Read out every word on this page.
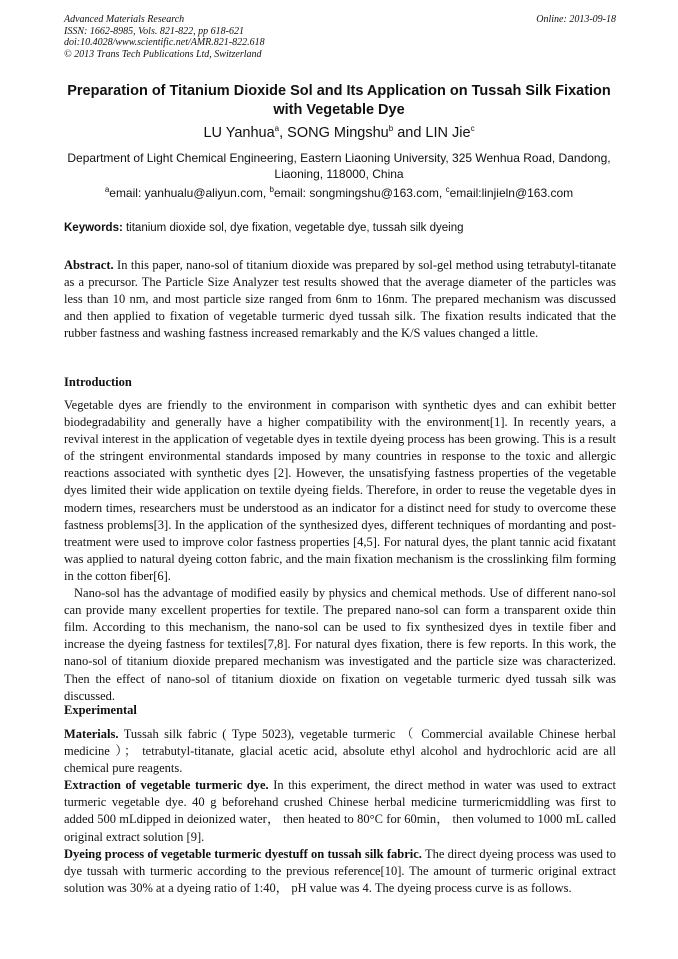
Advanced Materials Research
ISSN: 1662-8985, Vols. 821-822, pp 618-621
doi:10.4028/www.scientific.net/AMR.821-822.618
© 2013 Trans Tech Publications Ltd, Switzerland
Online: 2013-09-18
Preparation of Titanium Dioxide Sol and Its Application on Tussah Silk Fixation with Vegetable Dye
LU Yanhua$^a$, SONG Mingshu$^b$ and LIN Jie$^c$
Department of Light Chemical Engineering, Eastern Liaoning University, 325 Wenhua Road, Dandong, Liaoning, 118000, China
$^a$email: yanhualu@aliyun.com, $^b$email: songmingshu@163.com, $^c$email:linjieln@163.com
Keywords: titanium dioxide sol, dye fixation, vegetable dye, tussah silk dyeing
Abstract. In this paper, nano-sol of titanium dioxide was prepared by sol-gel method using tetrabutyl-titanate as a precursor. The Particle Size Analyzer test results showed that the average diameter of the particles was less than 10 nm, and most particle size ranged from 6nm to 16nm. The prepared mechanism was discussed and then applied to fixation of vegetable turmeric dyed tussah silk. The fixation results indicated that the rubber fastness and washing fastness increased remarkably and the K/S values changed a little.
Introduction

Vegetable dyes are friendly to the environment in comparison with synthetic dyes and can exhibit better biodegradability and generally have a higher compatibility with the environment[1]. In recently years, a revival interest in the application of vegetable dyes in textile dyeing process has been growing. This is a result of the stringent environmental standards imposed by many countries in response to the toxic and allergic reactions associated with synthetic dyes [2]. However, the unsatisfying fastness properties of the vegetable dyes limited their wide application on textile dyeing fields. Therefore, in order to reuse the vegetable dyes in modern times, researchers must be understood as an indicator for a distinct need for study to overcome these fastness problems[3]. In the application of the synthesized dyes, different techniques of mordanting and post-treatment were used to improve color fastness properties [4,5]. For natural dyes, the plant tannic acid fixatant was applied to natural dyeing cotton fabric, and the main fixation mechanism is the crosslinking film forming in the cotton fiber[6].

Nano-sol has the advantage of modified easily by physics and chemical methods. Use of different nano-sol can provide many excellent properties for textile. The prepared nano-sol can form a transparent oxide thin film. According to this mechanism, the nano-sol can be used to fix synthesized dyes in textile fiber and increase the dyeing fastness for textiles[7,8]. For natural dyes fixation, there is few reports. In this work, the nano-sol of titanium dioxide prepared mechanism was investigated and the particle size was characterized. Then the effect of nano-sol of titanium dioxide on fixation on vegetable turmeric dyed tussah silk was discussed.

Experimental

Materials. Tussah silk fabric ( Type 5023), vegetable turmeric （ Commercial available Chinese herbal medicine ）； tetrabutyl-titanate, glacial acetic acid, absolute ethyl alcohol and hydrochloric acid are all chemical pure reagents.

Extraction of vegetable turmeric dye. In this experiment, the direct method in water was used to extract turmeric vegetable dye. 40 g beforehand crushed Chinese herbal medicine turmericmiddling was first to added 500 mLdipped in deionized water， then heated to 80°C for 60min， then volumed to 1000 mL called original extract solution [9].

Dyeing process of vegetable turmeric dyestuff on tussah silk fabric. The direct dyeing process was used to dye tussah with turmeric according to the previous reference[10]. The amount of turmeric original extract solution was 30% at a dyeing ratio of 1:40， pH value was 4. The dyeing process curve is as follows.
